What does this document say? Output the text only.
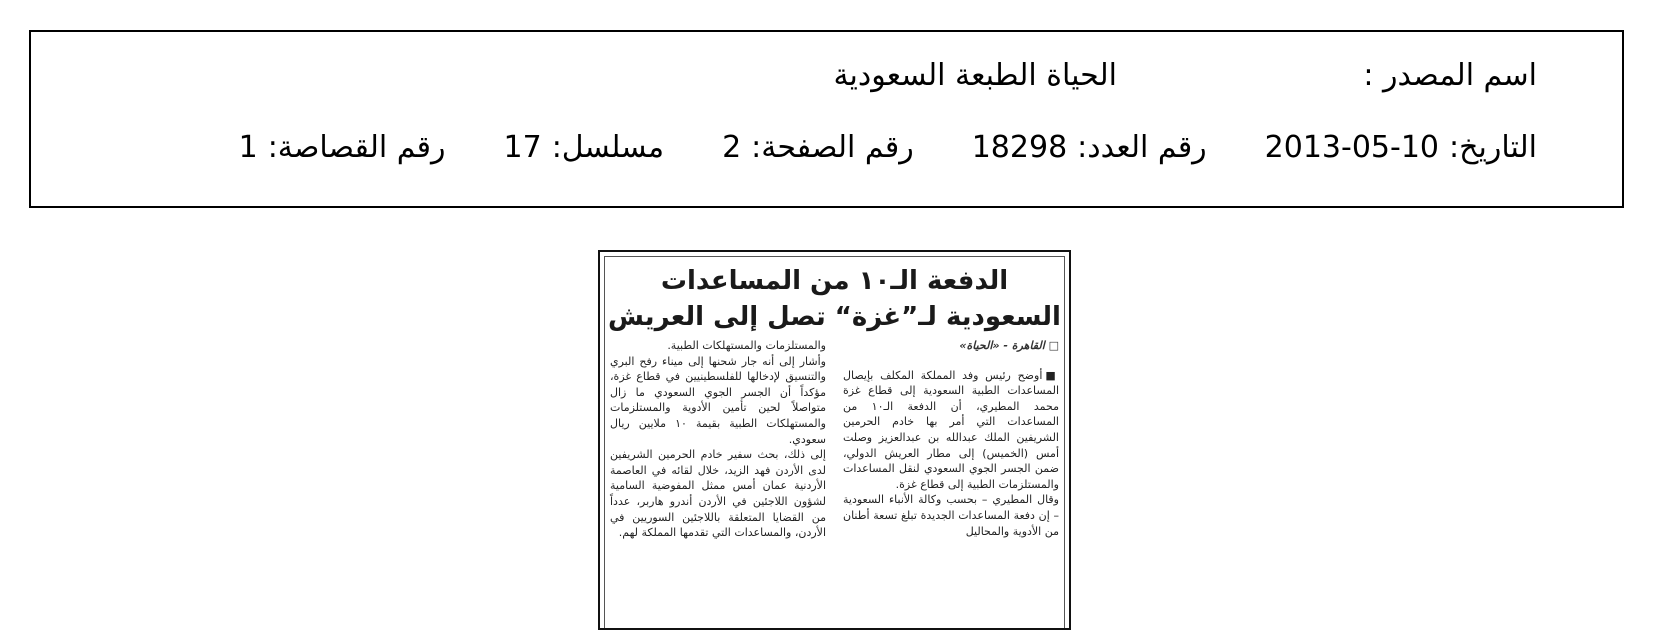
اسم المصدر :
الحياة الطبعة السعودية
التاريخ:
2013-05-10
رقم العدد:
18298
رقم الصفحة:
2
مسلسل:
17
رقم القصاصة:
1
الدفعة الـ١٠ من المساعدات
السعودية لـ”غزة“ تصل إلى العريش

□ القاهرة - «الحياة»

■أوضح رئيس وفد المملكة المكلف بإيصال المساعدات الطبية السعودية إلى قطاع غزة محمد المطيري، أن الدفعة الـ١٠ من المساعدات التي أمر بها خادم الحرمين الشريفين الملك عبدالله بن عبدالعزيز وصلت أمس (الخميس) إلى مطار العريش الدولي، ضمن الجسر الجوي السعودي لنقل المساعدات والمستلزمات الطبية إلى قطاع غزة.

وقال المطيري – بحسب وكالة الأنباء السعودية – إن دفعة المساعدات الجديدة تبلغ تسعة أطنان من الأدوية والمحاليل

والمستلزمات والمستهلكات الطبية.

وأشار إلى أنه جار شحنها إلى ميناء رفح البري والتنسيق لإدخالها للفلسطينيين في قطاع غزة، مؤكداً أن الجسر الجوي السعودي ما زال متواصلاً لحين تأمين الأدوية والمستلزمات والمستهلكات الطبية بقيمة ١٠ ملايين ريال سعودي.

إلى ذلك، بحث سفير خادم الحرمين الشريفين لدى الأردن فهد الزيد، خلال لقائه في العاصمة الأردنية عمان أمس ممثل المفوضية السامية لشؤون اللاجئين في الأردن أندرو هاربر، عدداً من القضايا المتعلقة باللاجئين السوريين في الأردن، والمساعدات التي تقدمها المملكة لهم.
